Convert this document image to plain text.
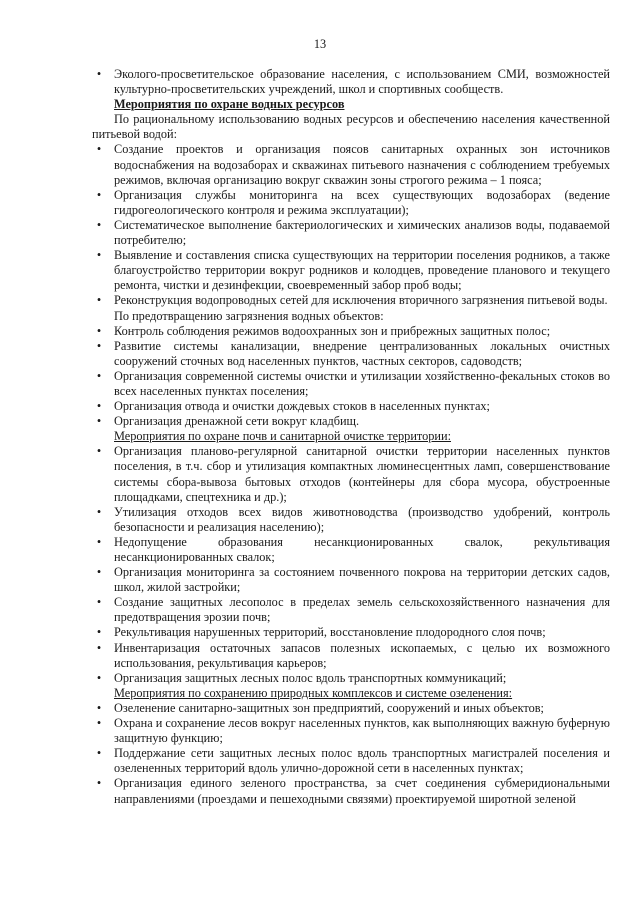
13
•	Эколого-просветительское образование населения, с использованием СМИ, возможностей культурно-просветительских учреждений, школ и спортивных сообществ.
Мероприятия по охране водных ресурсов
По рациональному использованию водных ресурсов и обеспечению населения качественной питьевой водой:
•	Создание проектов и организация поясов санитарных охранных зон источников водоснабжения на водозаборах и скважинах питьевого назначения с соблюдением требуемых режимов, включая организацию вокруг скважин зоны строгого режима – 1 пояса;
•	Организация службы мониторинга на всех существующих водозаборах (ведение гидрогеологического контроля и режима эксплуатации);
•	Систематическое выполнение бактериологических и химических анализов воды, подаваемой потребителю;
•	Выявление и составления списка существующих на территории поселения родников, а также благоустройство территории вокруг родников и колодцев, проведение планового и текущего ремонта, чистки и дезинфекции, своевременный забор проб воды;
•	Реконструкция водопроводных сетей для исключения вторичного загрязнения питьевой воды.
По предотвращению загрязнения водных объектов:
•	Контроль соблюдения режимов водоохранных зон и прибрежных защитных полос;
•	Развитие системы канализации, внедрение централизованных локальных очистных сооружений сточных вод населенных пунктов, частных секторов, садоводств;
•	Организация современной системы очистки и утилизации хозяйственно-фекальных стоков во всех населенных пунктах поселения;
•	Организация отвода и очистки дождевых стоков в населенных пунктах;
•	Организация дренажной сети вокруг кладбищ.
Мероприятия по охране почв и санитарной очистке территории:
•	Организация планово-регулярной санитарной очистки территории населенных пунктов поселения, в т.ч. сбор и утилизация компактных люминесцентных ламп, совершенствование системы сбора-вывоза бытовых отходов (контейнеры для сбора мусора, обустроенные площадками, спецтехника и др.);
•	Утилизация отходов всех видов животноводства (производство удобрений, контроль безопасности и реализация населению);
•	Недопущение образования несанкционированных свалок, рекультивация несанкционированных свалок;
•	Организация мониторинга за состоянием почвенного покрова на территории детских садов, школ, жилой застройки;
•	Создание защитных лесополос в пределах земель сельскохозяйственного назначения для предотвращения эрозии почв;
•	Рекультивация нарушенных территорий, восстановление плодородного слоя почв;
•	Инвентаризация остаточных запасов полезных ископаемых, с целью их возможного использования, рекультивация карьеров;
•	Организация защитных лесных полос вдоль транспортных коммуникаций;
Мероприятия по сохранению природных комплексов и системе озеленения:
•	Озеленение санитарно-защитных зон предприятий, сооружений и иных объектов;
•	Охрана и сохранение лесов вокруг населенных пунктов, как выполняющих важную буферную защитную функцию;
•	Поддержание сети защитных лесных полос вдоль транспортных магистралей поселения и озелененных территорий вдоль улично-дорожной сети в населенных пунктах;
•	Организация единого зеленого пространства, за счет соединения субмеридиональными направлениями (проездами и пешеходными связями) проектируемой широтной зеленой
